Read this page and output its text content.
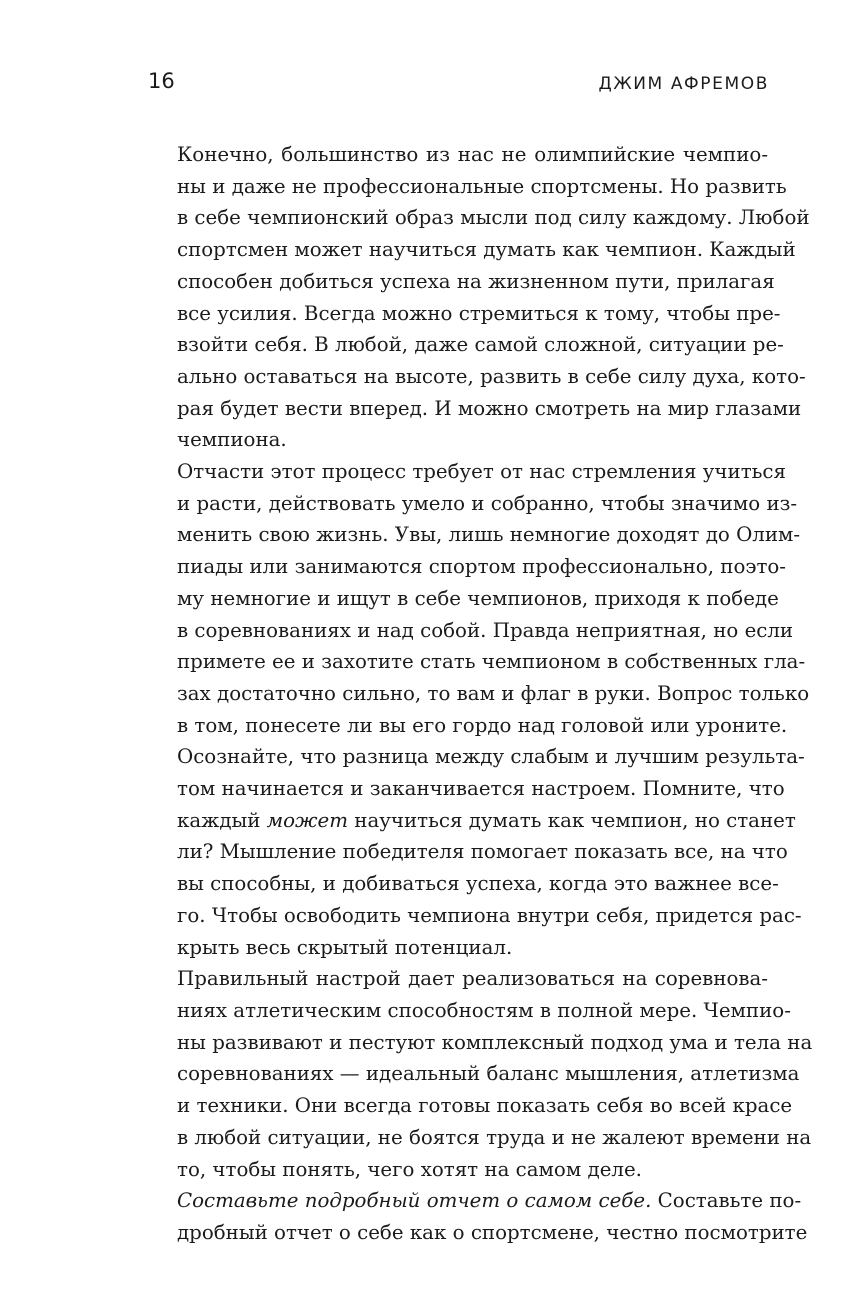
16	ДЖИМ АФРЕМОВ

Конечно, большинство из нас не олимпийские чемпио-
ны и даже не профессиональные спортсмены. Но развить
в себе чемпионский образ мысли под силу каждому. Любой
спортсмен может научиться думать как чемпион. Каждый
способен добиться успеха на жизненном пути, прилагая
все усилия. Всегда можно стремиться к тому, чтобы пре-
взойти себя. В любой, даже самой сложной, ситуации ре-
ально оставаться на высоте, развить в себе силу духа, кото-
рая будет вести вперед. И можно смотреть на мир глазами
чемпиона.

Отчасти этот процесс требует от нас стремления учиться
и расти, действовать умело и собранно, чтобы значимо из-
менить свою жизнь. Увы, лишь немногие доходят до Олим-
пиады или занимаются спортом профессионально, поэто-
му немногие и ищут в себе чемпионов, приходя к победе
в соревнованиях и над собой. Правда неприятная, но если
примете ее и захотите стать чемпионом в собственных гла-
зах достаточно сильно, то вам и флаг в руки. Вопрос только
в том, понесете ли вы его гордо над головой или уроните.
Осознайте, что разница между слабым и лучшим результа-
том начинается и заканчивается настроем. Помните, что
каждый может научиться думать как чемпион, но станет
ли? Мышление победителя помогает показать все, на что
вы способны, и добиваться успеха, когда это важнее все-
го. Чтобы освободить чемпиона внутри себя, придется рас-
крыть весь скрытый потенциал.

Правильный настрой дает реализоваться на соревнова-
ниях атлетическим способностям в полной мере. Чемпио-
ны развивают и пестуют комплексный подход ума и тела на
соревнованиях — идеальный баланс мышления, атлетизма
и техники. Они всегда готовы показать себя во всей красе
в любой ситуации, не боятся труда и не жалеют времени на
то, чтобы понять, чего хотят на самом деле.

Составьте подробный отчет о самом себе. Составьте по-
дробный отчет о себе как о спортсмене, честно посмотрите
